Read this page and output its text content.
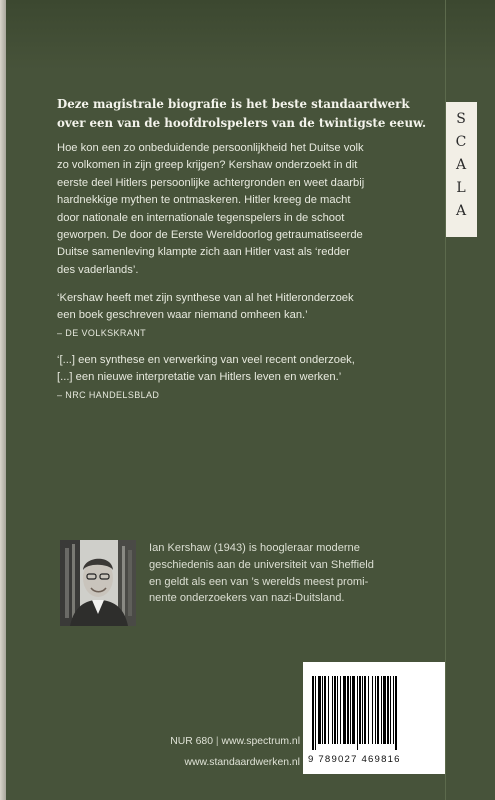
S
C
A
L
A
Deze magistrale biografie is het beste standaardwerk
over een van de hoofdrolspelers van de twintigste eeuw.
Hoe kon een zo onbeduidende persoonlijkheid het Duitse volk
zo volkomen in zijn greep krijgen? Kershaw onderzoekt in dit
eerste deel Hitlers persoonlijke achtergronden en weet daarbij
hardnekkige mythen te ontmaskeren. Hitler kreeg de macht
door nationale en internationale tegenspelers in de schoot
geworpen. De door de Eerste Wereldoorlog getraumatiseerde
Duitse samenleving klampte zich aan Hitler vast als ‘redder
des vaderlands’.
‘Kershaw heeft met zijn synthese van al het Hitleronderzoek
een boek geschreven waar niemand omheen kan.’
– DE VOLKSKRANT
‘[...] een synthese en verwerking van veel recent onderzoek,
[...] een nieuwe interpretatie van Hitlers leven en werken.’
– NRC HANDELSBLAD
Ian Kershaw (1943) is hoogleraar moderne
geschiedenis aan de universiteit van Sheffield
en geldt als een van ’s werelds meest promi-
nente onderzoekers van nazi-Duitsland.
9 789027 469816
NUR 680 | www.spectrum.nl
www.standaardwerken.nl
